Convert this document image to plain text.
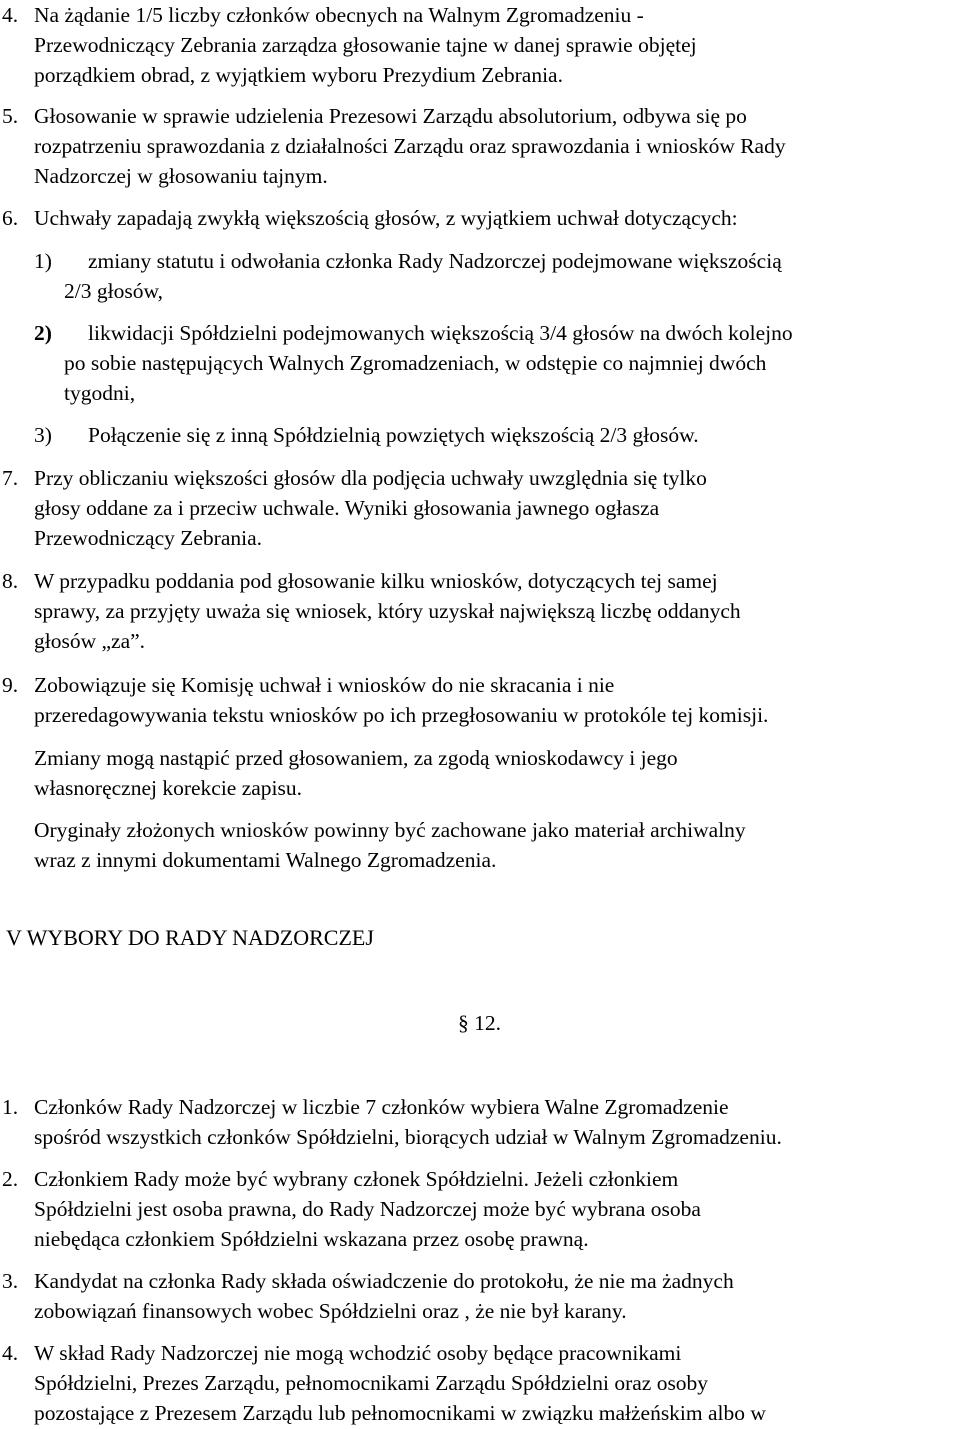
4. Na żądanie 1/5 liczby członków obecnych na Walnym Zgromadzeniu -
Przewodniczący Zebrania zarządza głosowanie tajne w danej sprawie objętej
porządkiem obrad, z wyjątkiem wyboru Prezydium Zebrania.
5. Głosowanie w sprawie udzielenia Prezesowi Zarządu absolutorium, odbywa się po
rozpatrzeniu sprawozdania z działalności Zarządu oraz sprawozdania i wniosków Rady
Nadzorczej w głosowaniu tajnym.
6. Uchwały zapadają zwykłą większością głosów, z wyjątkiem uchwał dotyczących:
1) zmiany statutu i odwołania członka Rady Nadzorczej podejmowane większością
2/3 głosów,
2) likwidacji Spółdzielni podejmowanych większością 3/4 głosów na dwóch kolejno
po sobie następujących Walnych Zgromadzeniach, w odstępie co najmniej dwóch
tygodni,
3) Połączenie się z inną Spółdzielnią powziętych większością 2/3 głosów.
7. Przy obliczaniu większości głosów dla podjęcia uchwały uwzględnia się tylko
głosy oddane za i przeciw uchwale. Wyniki głosowania jawnego ogłasza
Przewodniczący Zebrania.
8. W przypadku poddania pod głosowanie kilku wniosków, dotyczących tej samej
sprawy, za przyjęty uważa się wniosek, który uzyskał największą liczbę oddanych
głosów „za”.
9. Zobowiązuje się Komisję uchwał i wniosków do nie skracania i nie
przeredagowywania tekstu wniosków po ich przegłosowaniu w protokóle tej komisji.
Zmiany mogą nastąpić przed głosowaniem, za zgodą wnioskodawcy i jego
własnoręcznej korekcie zapisu.
Oryginały złożonych wniosków powinny być zachowane jako materiał archiwalny
wraz z innymi dokumentami Walnego Zgromadzenia.
V WYBORY DO RADY NADZORCZEJ
§ 12.
1. Członków Rady Nadzorczej w liczbie 7 członków wybiera Walne Zgromadzenie
spośród wszystkich członków Spółdzielni, biorących udział w Walnym Zgromadzeniu.
2. Członkiem Rady może być wybrany członek Spółdzielni. Jeżeli członkiem
Spółdzielni jest osoba prawna, do Rady Nadzorczej może być wybrana osoba
niebędąca członkiem Spółdzielni wskazana przez osobę prawną.
3. Kandydat na członka Rady składa oświadczenie do protokołu, że nie ma żadnych
zobowiązań finansowych wobec Spółdzielni oraz , że nie był karany.
4. W skład Rady Nadzorczej nie mogą wchodzić osoby będące pracownikami
Spółdzielni, Prezes Zarządu, pełnomocnikami Zarządu Spółdzielni oraz osoby
pozostające z Prezesem Zarządu lub pełnomocnikami w związku małżeńskim albo w
